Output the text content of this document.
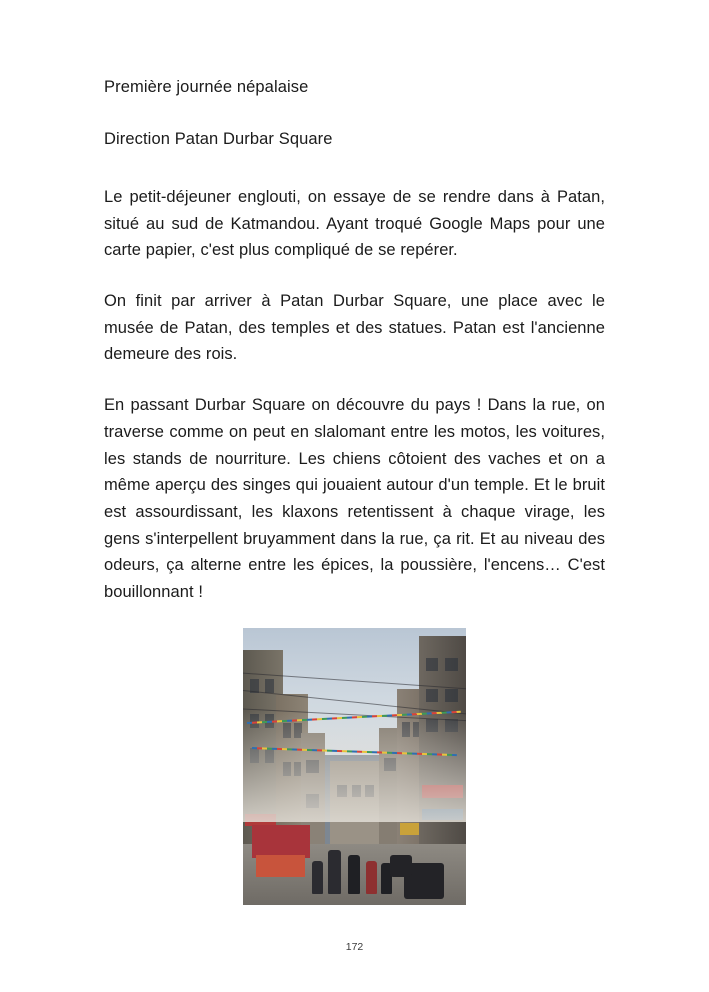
Première journée népalaise
Direction Patan Durbar Square

Le petit-déjeuner englouti, on essaye de se rendre dans à Patan, situé au sud de Katmandou. Ayant troqué Google Maps pour une carte papier, c'est plus compliqué de se repérer.

On finit par arriver à Patan Durbar Square, une place avec le musée de Patan, des temples et des statues. Patan est l'ancienne demeure des rois.

En passant Durbar Square on découvre du pays ! Dans la rue, on traverse comme on peut en slalomant entre les motos, les voitures, les stands de nourriture. Les chiens côtoient des vaches et on a même aperçu des singes qui jouaient autour d'un temple. Et le bruit est assourdissant, les klaxons retentissent à chaque virage, les gens s'interpellent bruyamment dans la rue, ça rit. Et au niveau des odeurs, ça alterne entre les épices, la poussière, l'encens… C'est bouillonnant !

172
